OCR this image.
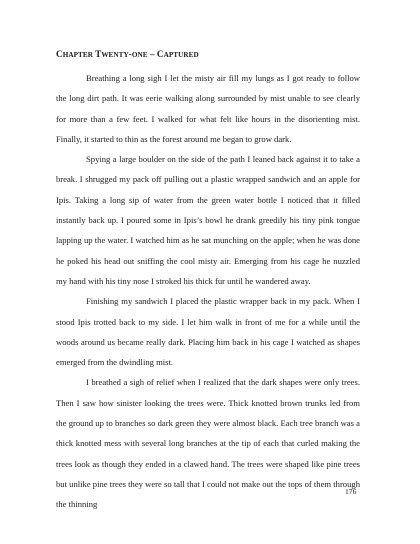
CHAPTER TWENTY-ONE – CAPTURED

Breathing a long sigh I let the misty air fill my lungs as I got ready to follow the long dirt path. It was eerie walking along surrounded by mist unable to see clearly for more than a few feet. I walked for what felt like hours in the disorienting mist. Finally, it started to thin as the forest around me began to grow dark.

Spying a large boulder on the side of the path I leaned back against it to take a break. I shrugged my pack off pulling out a plastic wrapped sandwich and an apple for Ipis. Taking a long sip of water from the green water bottle I noticed that it filled instantly back up. I poured some in Ipis’s bowl he drank greedily his tiny pink tongue lapping up the water. I watched him as he sat munching on the apple; when he was done he poked his head out sniffing the cool misty air. Emerging from his cage he nuzzled my hand with his tiny nose I stroked his thick fur until he wandered away.

Finishing my sandwich I placed the plastic wrapper back in my pack. When I stood Ipis trotted back to my side. I let him walk in front of me for a while until the woods around us became really dark. Placing him back in his cage I watched as shapes emerged from the dwindling mist.

I breathed a sigh of relief when I realized that the dark shapes were only trees. Then I saw how sinister looking the trees were. Thick knotted brown trunks led from the ground up to branches so dark green they were almost black. Each tree branch was a thick knotted mess with several long branches at the tip of each that curled making the trees look as though they ended in a clawed hand. The trees were shaped like pine trees but unlike pine trees they were so tall that I could not make out the tops of them through the thinning

176
